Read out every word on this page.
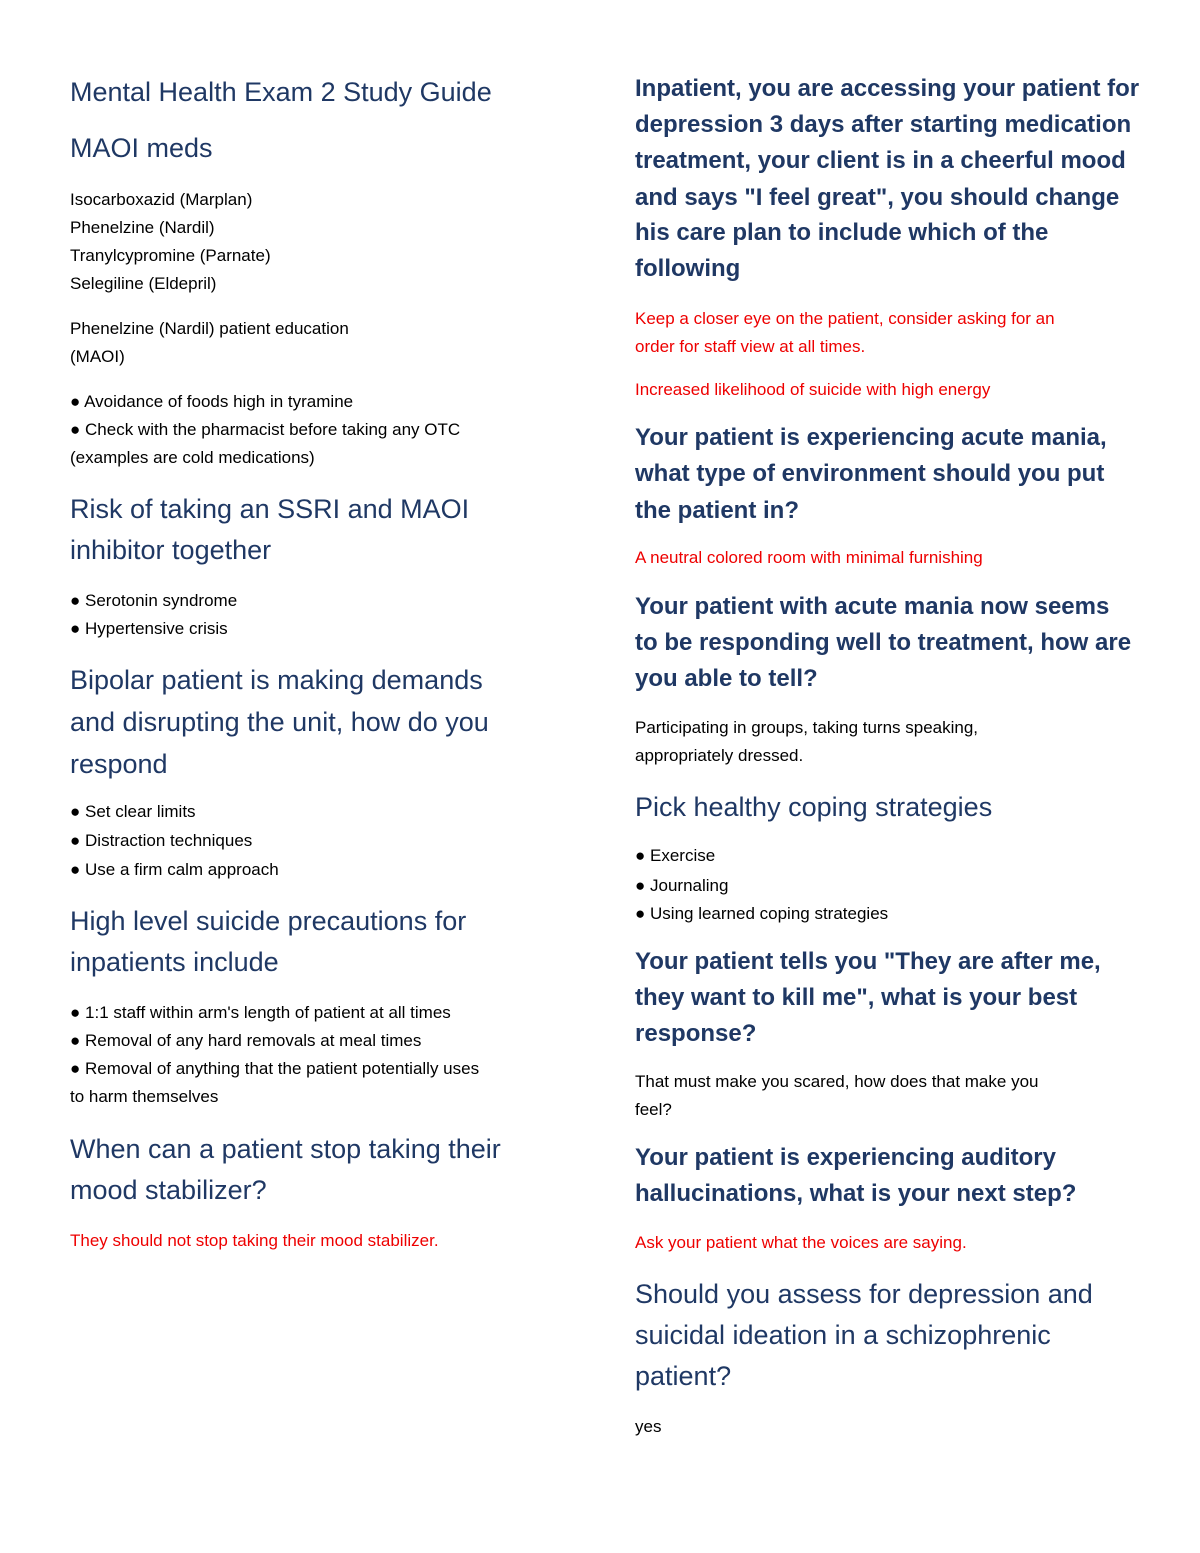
Mental Health Exam 2 Study Guide
MAOI meds
Isocarboxazid (Marplan)
Phenelzine (Nardil)
Tranylcypromine (Parnate)
Selegiline (Eldepril)
Phenelzine (Nardil) patient education
(MAOI)
● Avoidance of foods high in tyramine
● Check with the pharmacist before taking any OTC
(examples are cold medications)
Risk of taking an SSRI and MAOI
inhibitor together
● Serotonin syndrome
● Hypertensive crisis
Bipolar patient is making demands
and disrupting the unit, how do you
respond
● Set clear limits
● Distraction techniques
● Use a firm calm approach
High level suicide precautions for
inpatients include
● 1:1 staff within arm's length of patient at all times
● Removal of any hard removals at meal times
● Removal of anything that the patient potentially uses
to harm themselves
When can a patient stop taking their
mood stabilizer?
They should not stop taking their mood stabilizer.
Inpatient, you are accessing your patient for
depression 3 days after starting medication
treatment, your client is in a cheerful mood
and says "I feel great", you should change
his care plan to include which of the
following
Keep a closer eye on the patient, consider asking for an
order for staff view at all times.
Increased likelihood of suicide with high energy
Your patient is experiencing acute mania,
what type of environment should you put
the patient in?
A neutral colored room with minimal furnishing
Your patient with acute mania now seems
to be responding well to treatment, how are
you able to tell?
Participating in groups, taking turns speaking,
appropriately dressed.
Pick healthy coping strategies
● Exercise
● Journaling
● Using learned coping strategies
Your patient tells you "They are after me,
they want to kill me", what is your best
response?
That must make you scared, how does that make you
feel?
Your patient is experiencing auditory
hallucinations, what is your next step?
Ask your patient what the voices are saying.
Should you assess for depression and
suicidal ideation in a schizophrenic
patient?
yes
